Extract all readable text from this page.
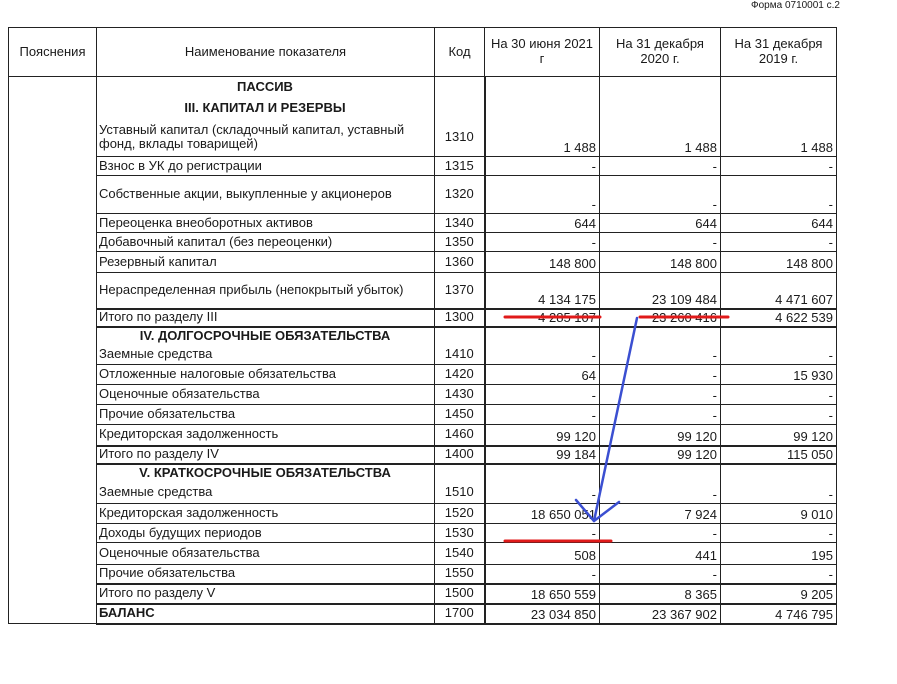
Форма 0710001 с.2
Пояснения	Наименование показателя	Код	На 30 июня 2021 г	На 31 декабря 2020 г.	На 31 декабря 2019 г.
	ПАССИВ				
	III. КАПИТАЛ И РЕЗЕРВЫ				
	Уставный капитал (складочный капитал, уставный фонд, вклады товарищей)	1310	1 488	1 488	1 488
	Взнос в УК до регистрации	1315	-	-	-
	Собственные акции, выкупленные у акционеров	1320	-	-	-
	Переоценка внеоборотных активов	1340	644	644	644
	Добавочный капитал (без переоценки)	1350	-	-	-
	Резервный капитал	1360	148 800	148 800	148 800
	Нераспределенная прибыль (непокрытый убыток)	1370	4 134 175	23 109 484	4 471 607
	Итого по разделу III	1300	4 285 107	23 260 416	4 622 539
	IV. ДОЛГОСРОЧНЫЕ ОБЯЗАТЕЛЬСТВА				
	Заемные средства	1410	-	-	-
	Отложенные налоговые обязательства	1420	64	-	15 930
	Оценочные обязательства	1430	-	-	-
	Прочие обязательства	1450	-	-	-
	Кредиторская задолженность	1460	99 120	99 120	99 120
	Итого по разделу IV	1400	99 184	99 120	115 050
	V. КРАТКОСРОЧНЫЕ ОБЯЗАТЕЛЬСТВА				
	Заемные средства	1510	-	-	-
	Кредиторская задолженность	1520	18 650 051	7 924	9 010
	Доходы будущих периодов	1530	-	-	-
	Оценочные обязательства	1540	508	441	195
	Прочие обязательства	1550	-	-	-
	Итого по разделу V	1500	18 650 559	8 365	9 205
	БАЛАНС	1700	23 034 850	23 367 902	4 746 795
